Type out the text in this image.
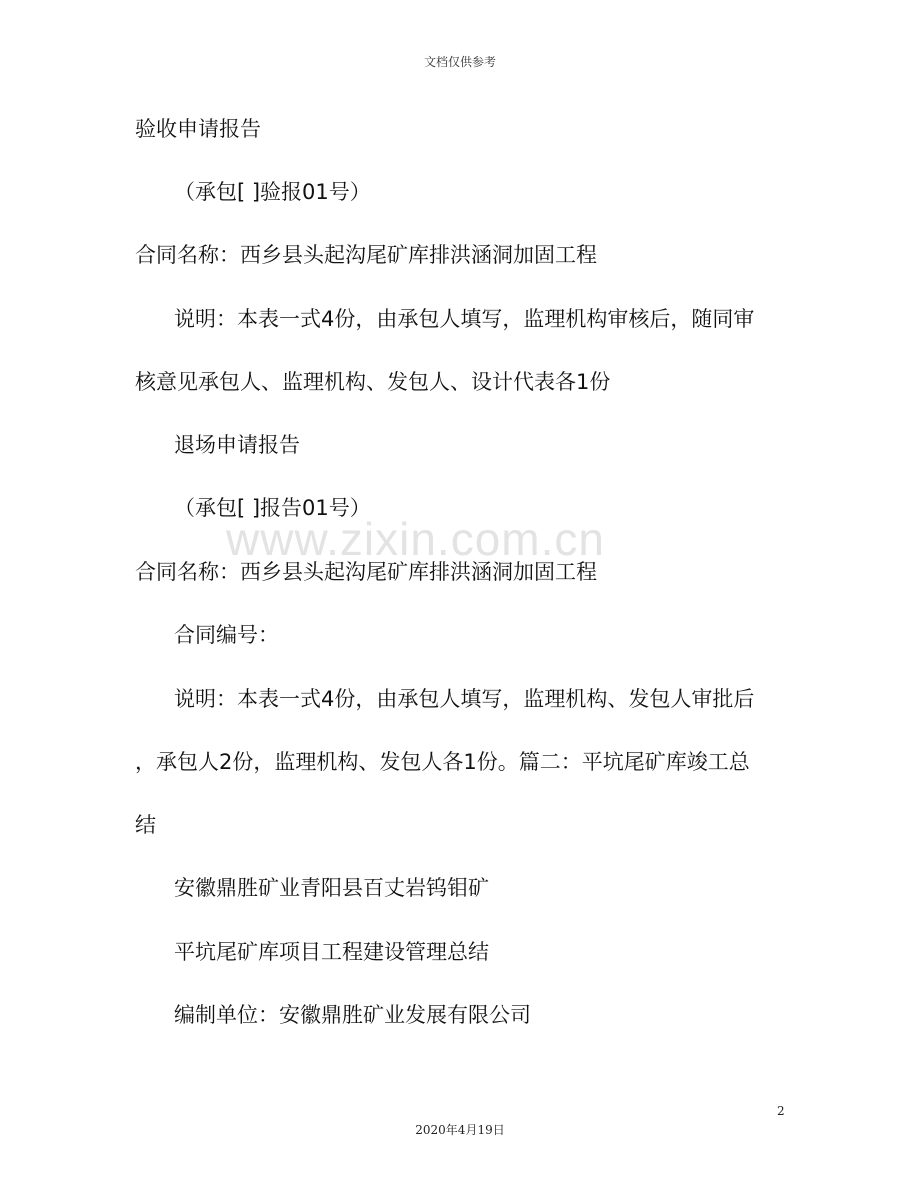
文档仅供参考
www.zixin.com.cn
验收申请报告
（承包[ ]验报01号）
合同名称：西乡县头起沟尾矿库排洪涵洞加固工程
说明：本表一式4份，由承包人填写，监理机构审核后，随同审
核意见承包人、监理机构、发包人、设计代表各1份
退场申请报告
（承包[ ]报告01号）
合同名称：西乡县头起沟尾矿库排洪涵洞加固工程
合同编号：
说明：本表一式4份，由承包人填写，监理机构、发包人审批后
，承包人2份，监理机构、发包人各1份。篇二：平坑尾矿库竣工总
结
安徽鼎胜矿业青阳县百丈岩钨钼矿
平坑尾矿库项目工程建设管理总结
编制单位：安徽鼎胜矿业发展有限公司
2
2020年4月19日
